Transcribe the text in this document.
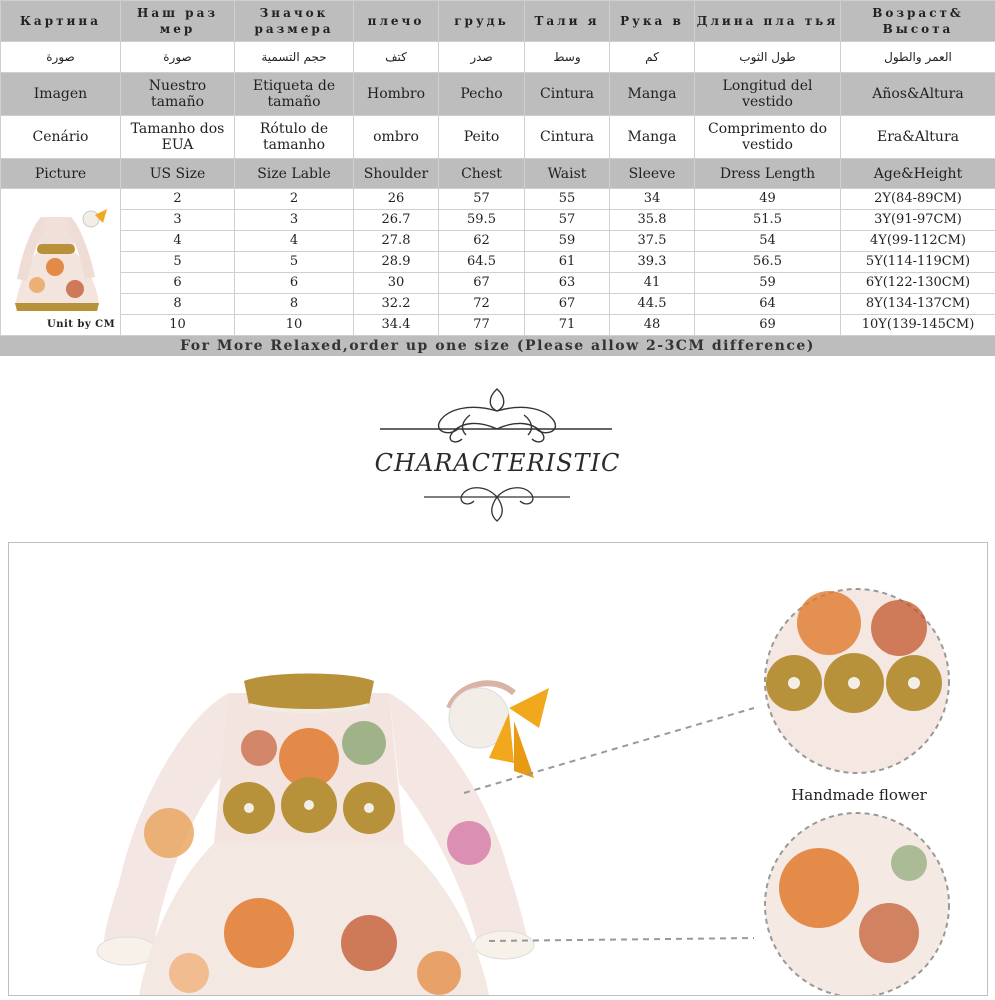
Картина	Наш раз мер	Значок размера	плечо	грудь	Тали я	Рука в	Длина пла тья	Возраст& Высота
صورة	صورة	حجم التسمية	كتف	صدر	وسط	كم	طول الثوب	العمر والطول
Imagen	Nuestro tamaño	Etiqueta de tamaño	Hombro	Pecho	Cintura	Manga	Longitud del vestido	Años&Altura
Cenário	Tamanho dos EUA	Rótulo de tamanho	ombro	Peito	Cintura	Manga	Comprimento do vestido	Era&Altura
Picture	US Size	Size Lable	Shoulder	Chest	Waist	Sleeve	Dress Length	Age&Height

Unit by CM	2	2	26	57	55	34	49	2Y(84-89CM)
	3	3	26.7	59.5	57	35.8	51.5	3Y(91-97CM)
	4	4	27.8	62	59	37.5	54	4Y(99-112CM)
	5	5	28.9	64.5	61	39.3	56.5	5Y(114-119CM)
	6	6	30	67	63	41	59	6Y(122-130CM)
	8	8	32.2	72	67	44.5	64	8Y(134-137CM)
	10	10	34.4	77	71	48	69	10Y(139-145CM)
For More Relaxed,order up one size (Please allow 2-3CM difference)
CHARACTERISTIC
Handmade flower
